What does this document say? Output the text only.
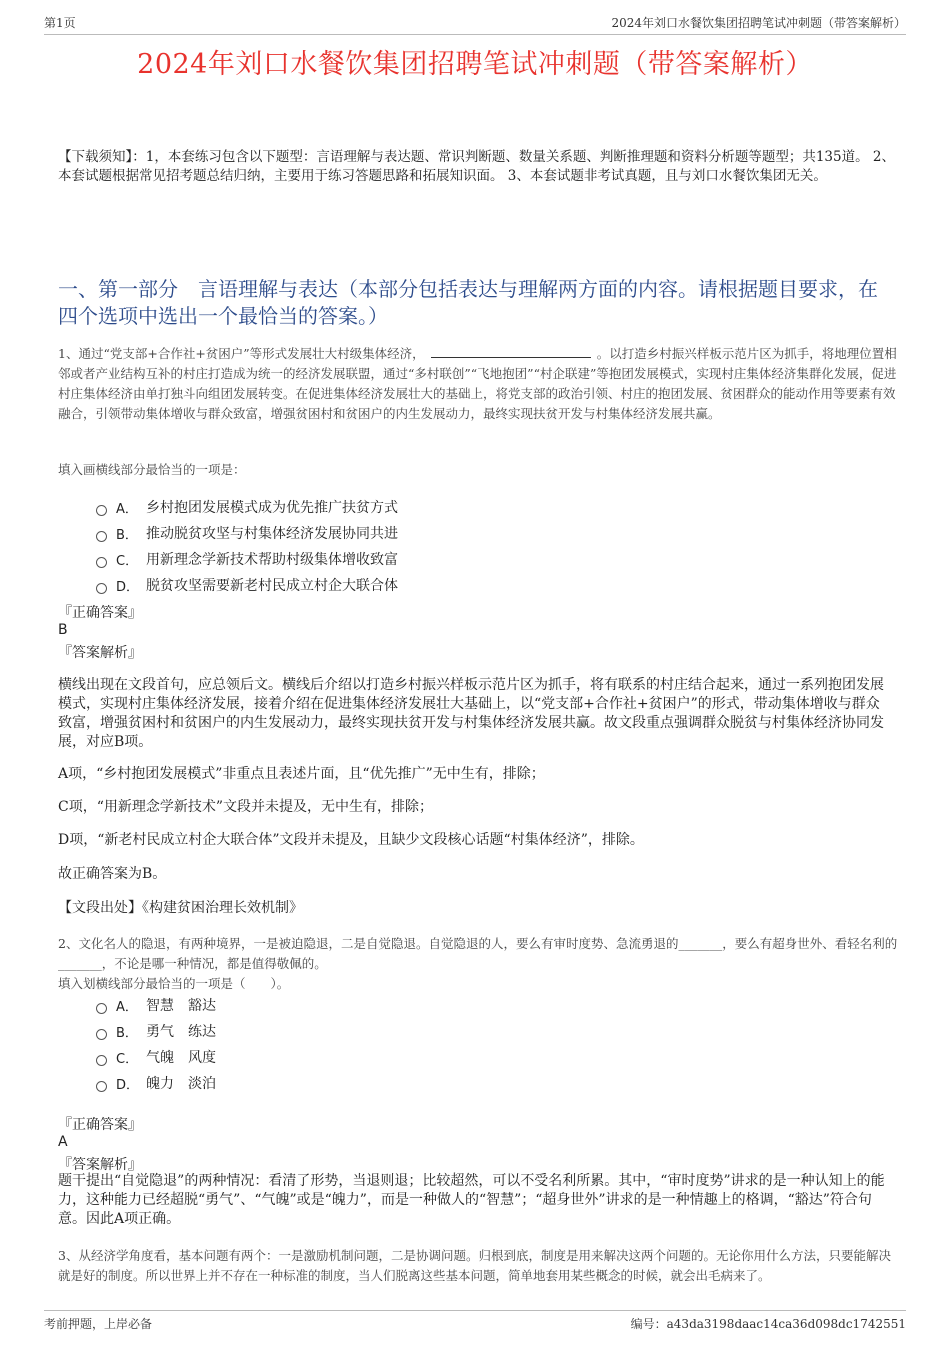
第1页	2024年刘口水餐饮集团招聘笔试冲刺题（带答案解析）
2024年刘口水餐饮集团招聘笔试冲刺题（带答案解析）
【下载须知】：1，本套练习包含以下题型：言语理解与表达题、常识判断题、数量关系题、判断推理题和资料分析题等题型；共135道。 2、本套试题根据常见招考题总结归纳，主要用于练习答题思路和拓展知识面。 3、本套试题非考试真题，且与刘口水餐饮集团无关。
一、第一部分　言语理解与表达（本部分包括表达与理解两方面的内容。请根据题目要求，在四个选项中选出一个最恰当的答案。）
1、通过“党支部+合作社+贫困户”等形式发展壮大村级集体经济，	。以打造乡村振兴样板示范片区为抓手，将地理位置相邻或者产业结构互补的村庄打造成为统一的经济发展联盟，通过“多村联创”“飞地抱团”“村企联建”等抱团发展模式，实现村庄集体经济集群化发展，促进村庄集体经济由单打独斗向组团发展转变。在促进集体经济发展壮大的基础上，将党支部的政治引领、村庄的抱团发展、贫困群众的能动作用等要素有效融合，引领带动集体增收与群众致富，增强贫困村和贫困户的内生发展动力，最终实现扶贫开发与村集体经济发展共赢。
填入画横线部分最恰当的一项是：
A． 乡村抱团发展模式成为优先推广扶贫方式
B． 推动脱贫攻坚与村集体经济发展协同共进
C． 用新理念学新技术帮助村级集体增收致富
D． 脱贫攻坚需要新老村民成立村企大联合体
『正确答案』
B
『答案解析』
横线出现在文段首句，应总领后文。横线后介绍以打造乡村振兴样板示范片区为抓手，将有联系的村庄结合起来，通过一系列抱团发展模式，实现村庄集体经济发展，接着介绍在促进集体经济发展壮大基础上，以“党支部+合作社+贫困户”的形式，带动集体增收与群众致富，增强贫困村和贫困户的内生发展动力，最终实现扶贫开发与村集体经济发展共赢。故文段重点强调群众脱贫与村集体经济协同发展，对应B项。
A项，“乡村抱团发展模式”非重点且表述片面，且“优先推广”无中生有，排除；
C项，“用新理念学新技术”文段并未提及，无中生有，排除；
D项，“新老村民成立村企大联合体”文段并未提及，且缺少文段核心话题“村集体经济”，排除。
故正确答案为B。
【文段出处】《构建贫困治理长效机制》
2、文化名人的隐退，有两种境界，一是被迫隐退，二是自觉隐退。自觉隐退的人，要么有审时度势、急流勇退的_______，要么有超身世外、看轻名利的_______，不论是哪一种情况，都是值得敬佩的。
填入划横线部分最恰当的一项是（　　）。
A． 智慧　豁达
B． 勇气　练达
C． 气魄　风度
D． 魄力　淡泊
『正确答案』
A
『答案解析』
题干提出“自觉隐退”的两种情况：看清了形势，当退则退；比较超然，可以不受名利所累。其中，“审时度势”讲求的是一种认知上的能力，这种能力已经超脱“勇气”、“气魄”或是“魄力”，而是一种做人的“智慧”；“超身世外”讲求的是一种情趣上的格调，“豁达”符合句意。因此A项正确。
3、从经济学角度看，基本问题有两个：一是激励机制问题，二是协调问题。归根到底，制度是用来解决这两个问题的。无论你用什么方法，只要能解决就是好的制度。所以世界上并不存在一种标准的制度，当人们脱离这些基本问题，简单地套用某些概念的时候，就会出毛病来了。
考前押题，上岸必备	编号：a43da3198daac14ca36d098dc1742551
